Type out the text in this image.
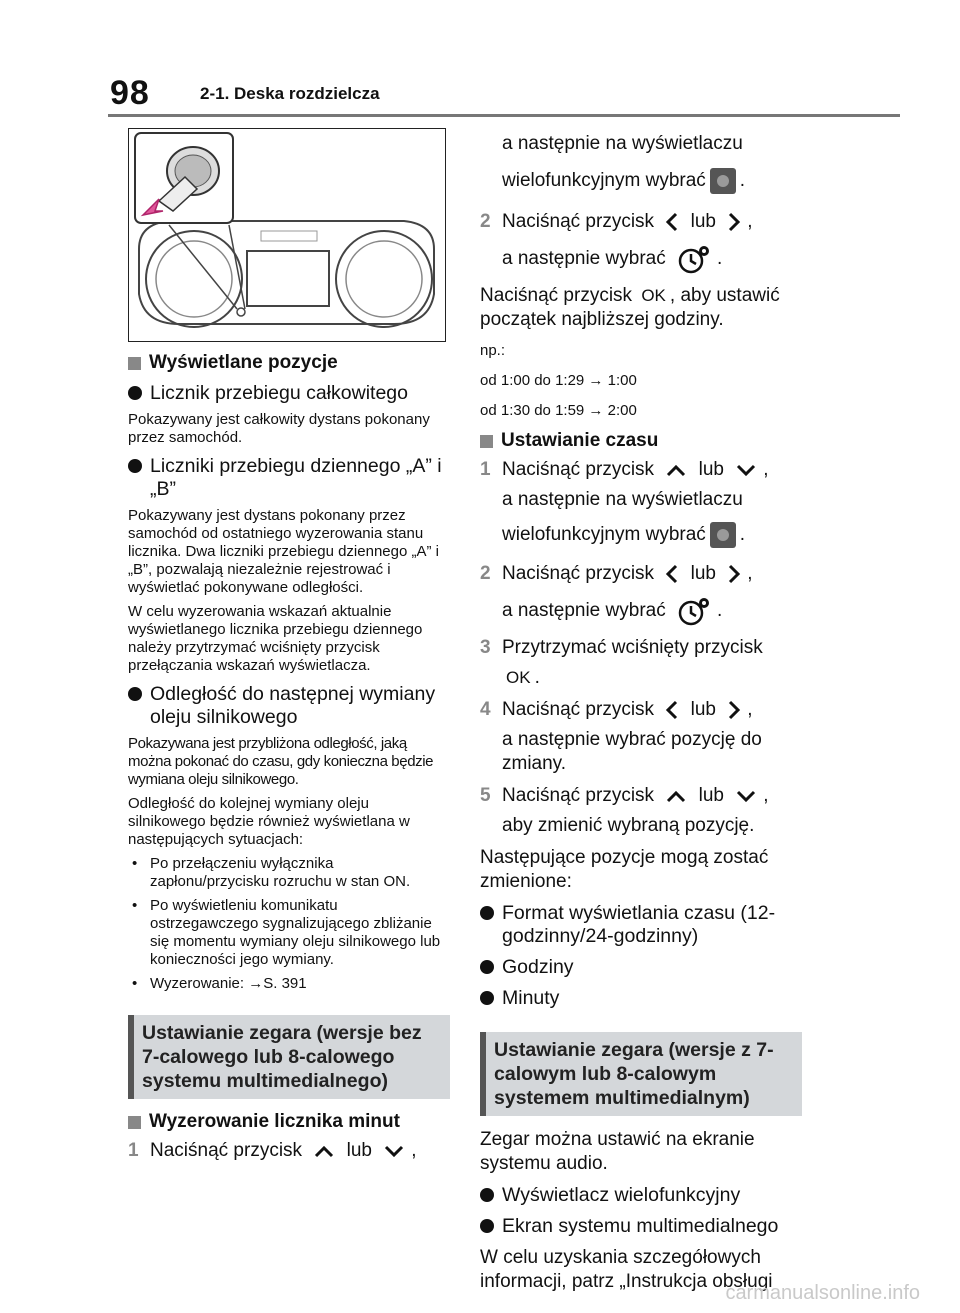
98	2-1. Deska rozdzielcza
Wyświetlane pozycje
Licznik przebiegu całkowitego
Pokazywany jest całkowity dystans pokonany przez samochód.
Liczniki przebiegu dziennego „A” i „B”
Pokazywany jest dystans pokonany przez samochód od ostatniego wyzerowania stanu licznika. Dwa liczniki przebiegu dziennego „A” i „B”, pozwalają niezależnie rejestrować i wyświetlać pokonywane odległości.
W celu wyzerowania wskazań aktualnie wyświetlanego licznika przebiegu dziennego należy przytrzymać wciśnięty przycisk przełączania wskazań wyświetlacza.
Odległość do następnej wymiany oleju silnikowego
Pokazywana jest przybliżona odległość, jaką można pokonać do czasu, gdy konieczna będzie wymiana oleju silnikowego.
Odległość do kolejnej wymiany oleju silnikowego będzie również wyświetlana w następujących sytuacjach:
• Po przełączeniu wyłącznika zapłonu/przycisku rozruchu w stan ON.
• Po wyświetleniu komunikatu ostrzegawczego sygnalizującego zbliżanie się momentu wymiany oleju silnikowego lub konieczności jego wymiany.
• Wyzerowanie: →S. 391
Ustawianie zegara (wersje bez 7-calowego lub 8-calowego systemu multimedialnego)
Wyzerowanie licznika minut
1 Naciśnąć przycisk lub ,
a następnie na wyświetlaczu
wielofunkcyjnym wybrać .
2 Naciśnąć przycisk lub ,
a następnie wybrać	.
Naciśnąć przycisk OK , aby ustawić początek najbliższej godziny.
np.:
od 1:00 do 1:29 → 1:00
od 1:30 do 1:59 → 2:00
Ustawianie czasu
1 Naciśnąć przycisk lub ,
a następnie na wyświetlaczu
wielofunkcyjnym wybrać .
2 Naciśnąć przycisk lub ,
a następnie wybrać	.
3 Przytrzymać wciśnięty przycisk
OK .
4 Naciśnąć przycisk lub ,
a następnie wybrać pozycję do zmiany.
5 Naciśnąć przycisk lub ,
aby zmienić wybraną pozycję.
Następujące pozycje mogą zostać zmienione:
Format wyświetlania czasu (12-godzinny/24-godzinny)
Godziny
Minuty
Ustawianie zegara (wersje z 7-calowym lub 8-calowym systemem multimedialnym)
Zegar można ustawić na ekranie systemu audio.
Wyświetlacz wielofunkcyjny
Ekran systemu multimedialnego
W celu uzyskania szczegółowych informacji, patrz „Instrukcja obsługi
carmanualsonline.info
